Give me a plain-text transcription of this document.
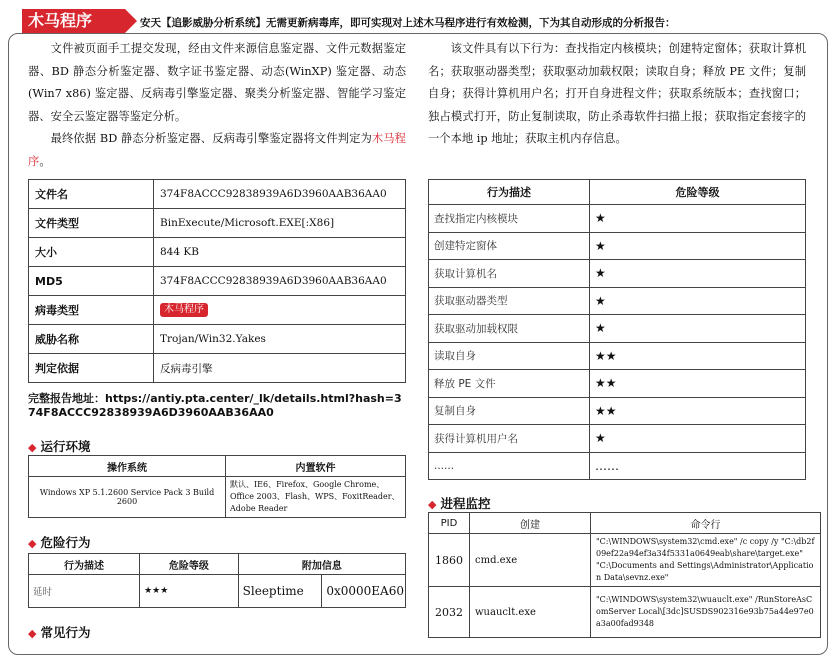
木马程序	安天【追影威胁分析系统】无需更新病毒库，即可实现对上述木马程序进行有效检测，下为其自动形成的分析报告：
文件被页面手工提交发现，经由文件来源信息鉴定器、文件元数据鉴定器、BD 静态分析鉴定器、数字证书鉴定器、动态(WinXP) 鉴定器、动态 (Win7 x86) 鉴定器、反病毒引擎鉴定器、聚类分析鉴定器、智能学习鉴定器、安全云鉴定器等鉴定分析。
最终依据 BD 静态分析鉴定器、反病毒引擎鉴定器将文件判定为木马程序。
文件名	374F8ACCC92838939A6D3960AAB36AA0
文件类型	BinExecute/Microsoft.EXE[:X86]
大小	844 KB
MD5	374F8ACCC92838939A6D3960AAB36AA0
病毒类型	木马程序
威胁名称	Trojan/Win32.Yakes
判定依据	反病毒引擎
完整报告地址：https://antiy.pta.center/_lk/details.html?hash=374F8ACCC92838939A6D3960AAB36AA0
◆ 运行环境
操作系统	内置软件
Windows XP 5.1.2600 Service Pack 3 Build 2600	默认、IE6、Firefox、Google Chrome、Office 2003、Flash、WPS、FoxitReader、Adobe Reader
◆ 危险行为
行为描述	危险等级	附加信息	
延时	★★★	Sleeptime	0x0000EA60
◆ 常见行为
该文件具有以下行为：查找指定内核模块；创建特定窗体；获取计算机名；获取驱动器类型；获取驱动加载权限；读取自身；释放 PE 文件；复制自身；获得计算机用户名；打开自身进程文件；获取系统版本；查找窗口；独占模式打开，防止复制读取，防止杀毒软件扫描上报；获取指定套接字的一个本地 ip 地址；获取主机内存信息。
行为描述	危险等级
查找指定内核模块	★
创建特定窗体	★
获取计算机名	★
获取驱动器类型	★
获取驱动加载权限	★
读取自身	★★
释放 PE 文件	★★
复制自身	★★
获得计算机用户名	★
......	……
◆ 进程监控
PID	创建	命令行
1860	cmd.exe	"C:\WINDOWS\system32\cmd.exe" /c copy /y "C:\db2f09ef22a94ef3a34f5331a0649eab\share\target.exe" "C:\Documents and Settings\Administrator\Application Data\sevnz.exe"
2032	wuauclt.exe	"C:\WINDOWS\system32\wuauclt.exe" /RunStoreAsComServer Local\[3dc]SUSDS902316e93b75a44e97e0a3a00fad9348
